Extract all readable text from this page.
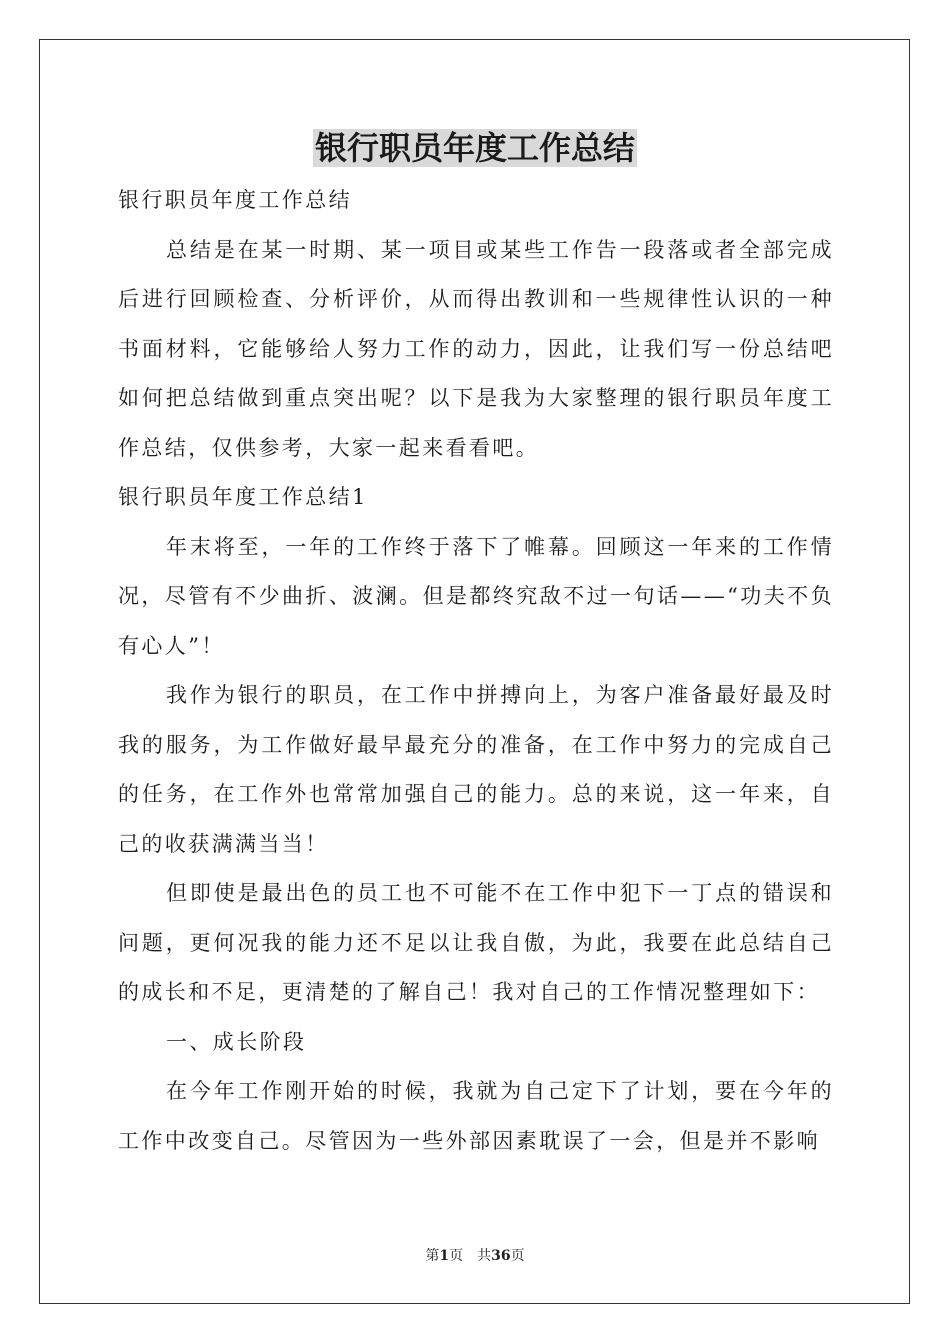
银行职员年度工作总结

银行职员年度工作总结

总结是在某一时期、某一项目或某些工作告一段落或者全部完成后进行回顾检查、分析评价，从而得出教训和一些规律性认识的一种书面材料，它能够给人努力工作的动力，因此，让我们写一份总结吧如何把总结做到重点突出呢？以下是我为大家整理的银行职员年度工作总结，仅供参考，大家一起来看看吧。

银行职员年度工作总结1

年末将至，一年的工作终于落下了帷幕。回顾这一年来的工作情况，尽管有不少曲折、波澜。但是都终究敌不过一句话——“功夫不负有心人”！

我作为银行的职员，在工作中拼搏向上，为客户准备最好最及时我的服务，为工作做好最早最充分的准备，在工作中努力的完成自己的任务，在工作外也常常加强自己的能力。总的来说，这一年来，自己的收获满满当当！

但即使是最出色的员工也不可能不在工作中犯下一丁点的错误和问题，更何况我的能力还不足以让我自傲，为此，我要在此总结自己的成长和不足，更清楚的了解自己！我对自己的工作情况整理如下：

一、成长阶段

在今年工作刚开始的时候，我就为自己定下了计划，要在今年的工作中改变自己。尽管因为一些外部因素耽误了一会，但是并不影响

第1页　共36页
